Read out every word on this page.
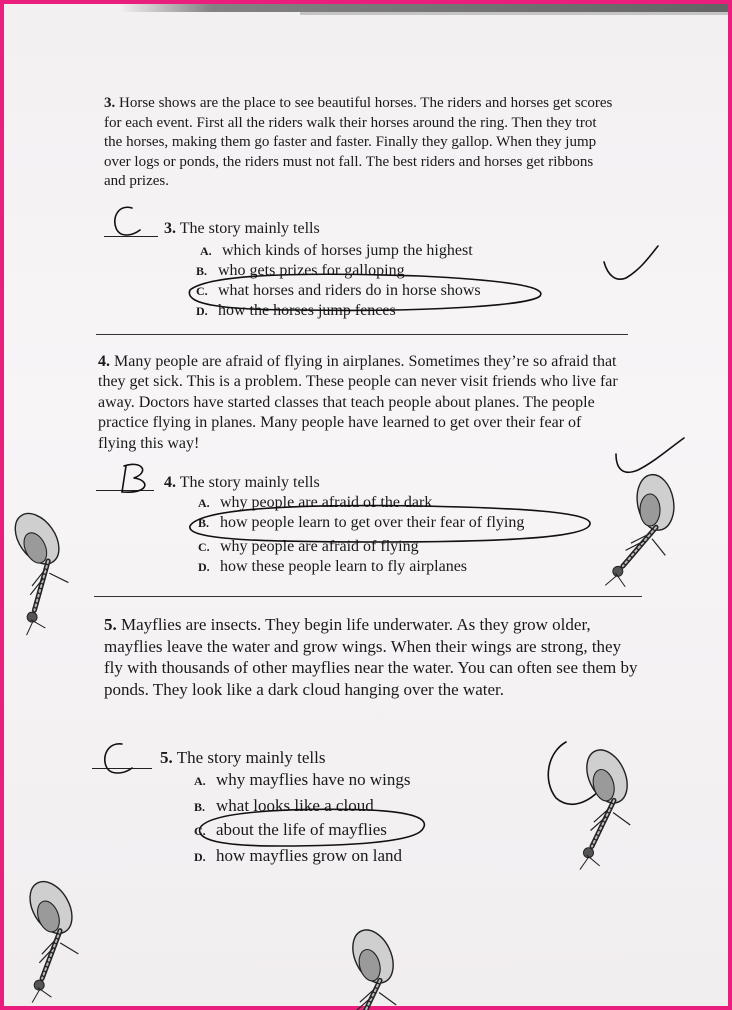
3. Horse shows are the place to see beautiful horses. The riders and horses get scores for each event. First all the riders walk their horses around the ring. Then they trot the horses, making them go faster and faster. Finally they gallop. When they jump over logs or ponds, the riders must not fall. The best riders and horses get ribbons and prizes.

3. The story mainly tells
A. which kinds of horses jump the highest
B. who gets prizes for galloping
C. what horses and riders do in horse shows
D. how the horses jump fences

4. Many people are afraid of flying in airplanes. Sometimes they’re so afraid that they get sick. This is a problem. These people can never visit friends who live far away. Doctors have started classes that teach people about planes. The people practice flying in planes. Many people have learned to get over their fear of flying this way!

4. The story mainly tells
A. why people are afraid of the dark
B. how people learn to get over their fear of flying
C. why people are afraid of flying
D. how these people learn to fly airplanes

5. Mayflies are insects. They begin life underwater. As they grow older, mayflies leave the water and grow wings. When their wings are strong, they fly with thousands of other mayflies near the water. You can often see them by ponds. They look like a dark cloud hanging over the water.

5. The story mainly tells
A. why mayflies have no wings
B. what looks like a cloud
C. about the life of mayflies
D. how mayflies grow on land
